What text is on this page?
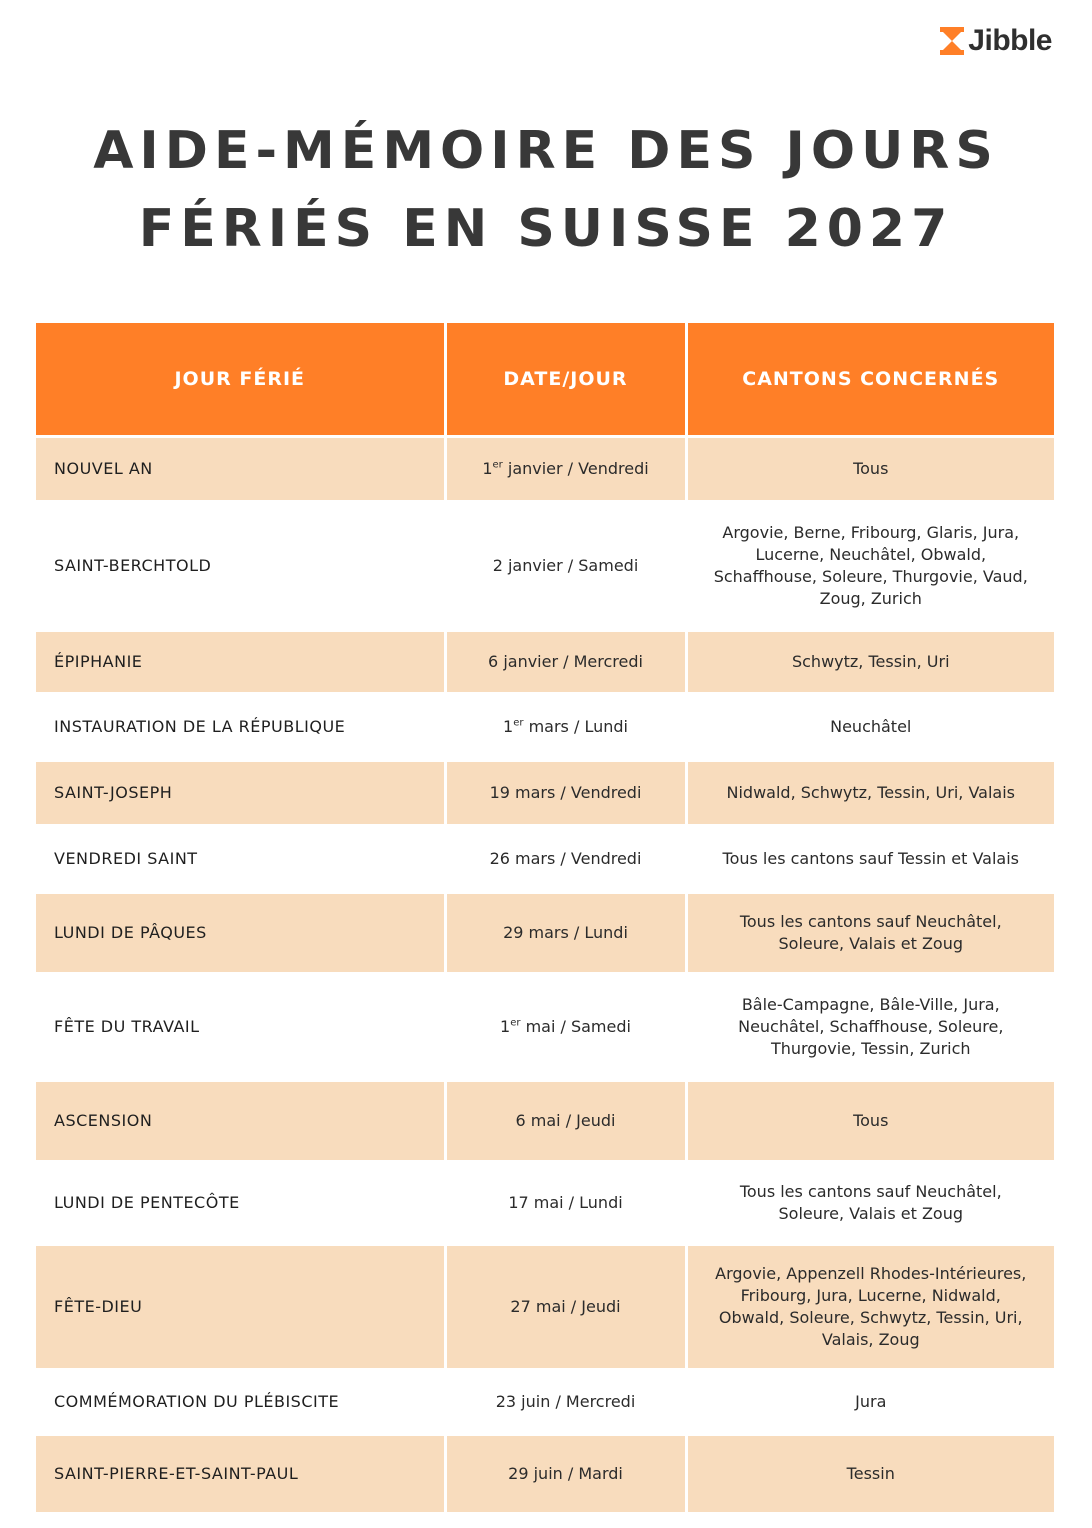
Jibble
AIDE-MÉMOIRE DES JOURS
FÉRIÉS EN SUISSE 2027
JOUR FÉRIÉ	DATE/JOUR	CANTONS CONCERNÉS
NOUVEL AN	1er janvier / Vendredi	Tous
SAINT-BERCHTOLD	2 janvier / Samedi	Argovie, Berne, Fribourg, Glaris, Jura, Lucerne, Neuchâtel, Obwald, Schaffhouse, Soleure, Thurgovie, Vaud, Zoug, Zurich
ÉPIPHANIE	6 janvier / Mercredi	Schwytz, Tessin, Uri
INSTAURATION DE LA RÉPUBLIQUE	1er mars / Lundi	Neuchâtel
SAINT-JOSEPH	19 mars / Vendredi	Nidwald, Schwytz, Tessin, Uri, Valais
VENDREDI SAINT	26 mars / Vendredi	Tous les cantons sauf Tessin et Valais
LUNDI DE PÂQUES	29 mars / Lundi	Tous les cantons sauf Neuchâtel, Soleure, Valais et Zoug
FÊTE DU TRAVAIL	1er mai / Samedi	Bâle-Campagne, Bâle-Ville, Jura, Neuchâtel, Schaffhouse, Soleure, Thurgovie, Tessin, Zurich
ASCENSION	6 mai / Jeudi	Tous
LUNDI DE PENTECÔTE	17 mai / Lundi	Tous les cantons sauf Neuchâtel, Soleure, Valais et Zoug
FÊTE-DIEU	27 mai / Jeudi	Argovie, Appenzell Rhodes-Intérieures, Fribourg, Jura, Lucerne, Nidwald, Obwald, Soleure, Schwytz, Tessin, Uri, Valais, Zoug
COMMÉMORATION DU PLÉBISCITE	23 juin / Mercredi	Jura
SAINT-PIERRE-ET-SAINT-PAUL	29 juin / Mardi	Tessin
